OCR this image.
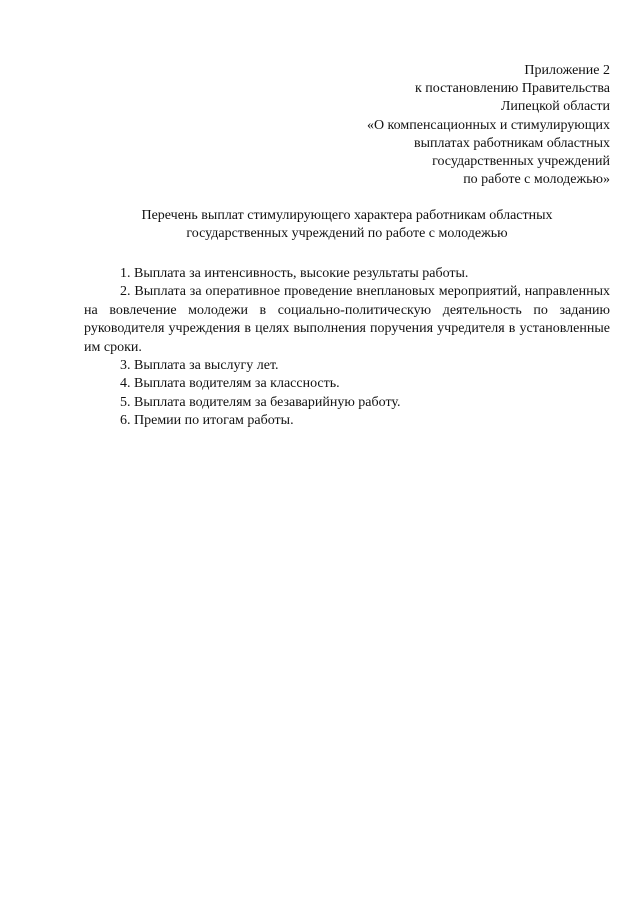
Приложение 2
к постановлению Правительства
Липецкой области
«О компенсационных и стимулирующих
выплатах работникам областных
государственных учреждений
по работе с молодежью»
Перечень выплат стимулирующего характера работникам областных
государственных учреждений по работе с молодежью

1. Выплата за интенсивность, высокие результаты работы.

2. Выплата за оперативное проведение внеплановых мероприятий, направленных на вовлечение молодежи в социально-политическую деятельность по заданию руководителя учреждения в целях выполнения поручения учредителя в установленные им сроки.

3. Выплата за выслугу лет.

4. Выплата водителям за классность.

5. Выплата водителям за безаварийную работу.

6. Премии по итогам работы.
